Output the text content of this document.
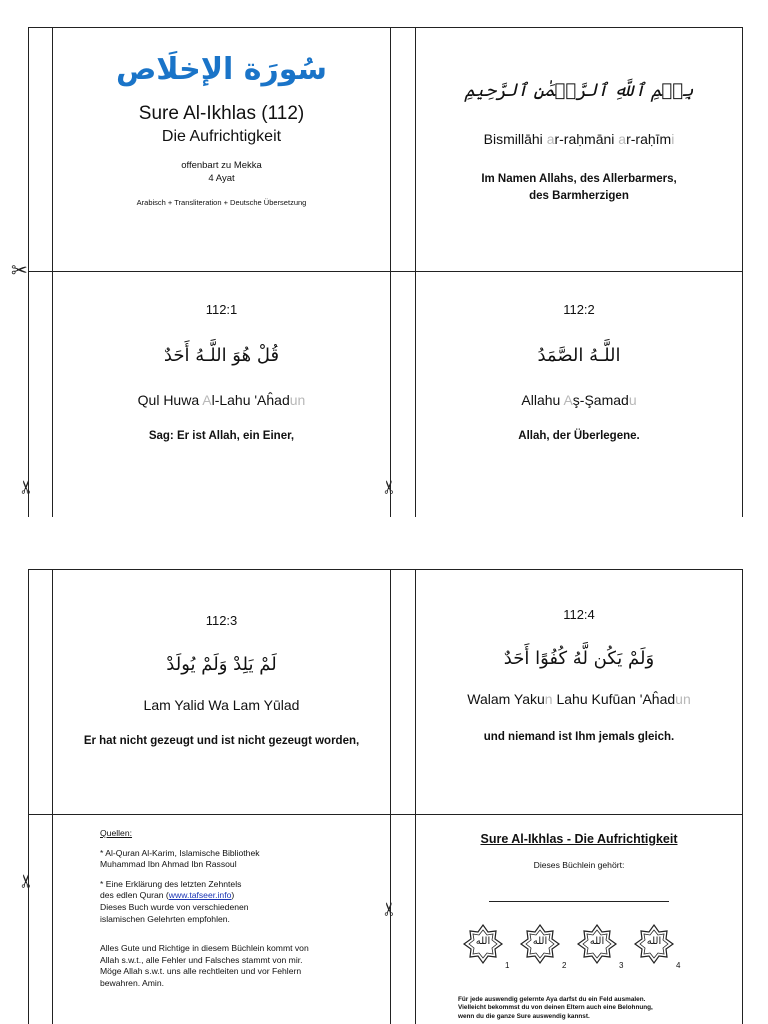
✂
✂	✂
✂
✂
سُورَة الإخلَاص
Sure Al-Ikhlas (112)
Die Aufrichtigkeit
offenbart zu Mekka
4 Ayat
Arabisch + Transliteration + Deutsche Übersetzung
بِسۡمِ ٱللَّهِ ٱلرَّحۡمَٰنِ ٱلرَّحِيمِ
Bismillāhi ar-raḥmāni ar-raḥīmi
Im Namen Allahs, des Allerbarmers,
des Barmherzigen
112:1
قُلْ هُوَ اللَّـهُ أَحَدٌ
Qul Huwa Al-Lahu 'Aĥadun
Sag: Er ist Allah, ein Einer,
112:2
اللَّـهُ الصَّمَدُ
Allahu Aş-Şamadu
Allah, der Überlegene.
112:3
لَمْ يَلِدْ وَلَمْ يُولَدْ
Lam Yalid Wa Lam Yūlad
Er hat nicht gezeugt und ist nicht gezeugt worden,
112:4
وَلَمْ يَكُن لَّهُ كُفُوًا أَحَدٌ
Walam Yakun Lahu Kufūan 'Aĥadun
und niemand ist Ihm jemals gleich.

Quellen:

* Al-Quran Al-Karim, Islamische Bibliothek
Muhammad Ibn Ahmad Ibn Rassoul

* Eine Erklärung des letzten Zehntels
des edlen Quran (www.tafseer.info)
Dieses Buch wurde von verschiedenen
islamischen Gelehrten empfohlen.

Alles Gute und Richtige in diesem Büchlein kommt von
Allah s.w.t., alle Fehler und Falsches stammt von mir.
Möge Allah s.w.t. uns alle rechtleiten und vor Fehlern
bewahren. Amin.

Sure Al-Ikhlas - Die Aufrichtigkeit
Dieses Büchlein gehört:
الله
1
الله
2
الله
3
الله
4
Für jede auswendig gelernte Aya darfst du ein Feld ausmalen.
Vielleicht bekommst du von deinen Eltern auch eine Belohnung,
wenn du die ganze Sure auswendig kannst.
